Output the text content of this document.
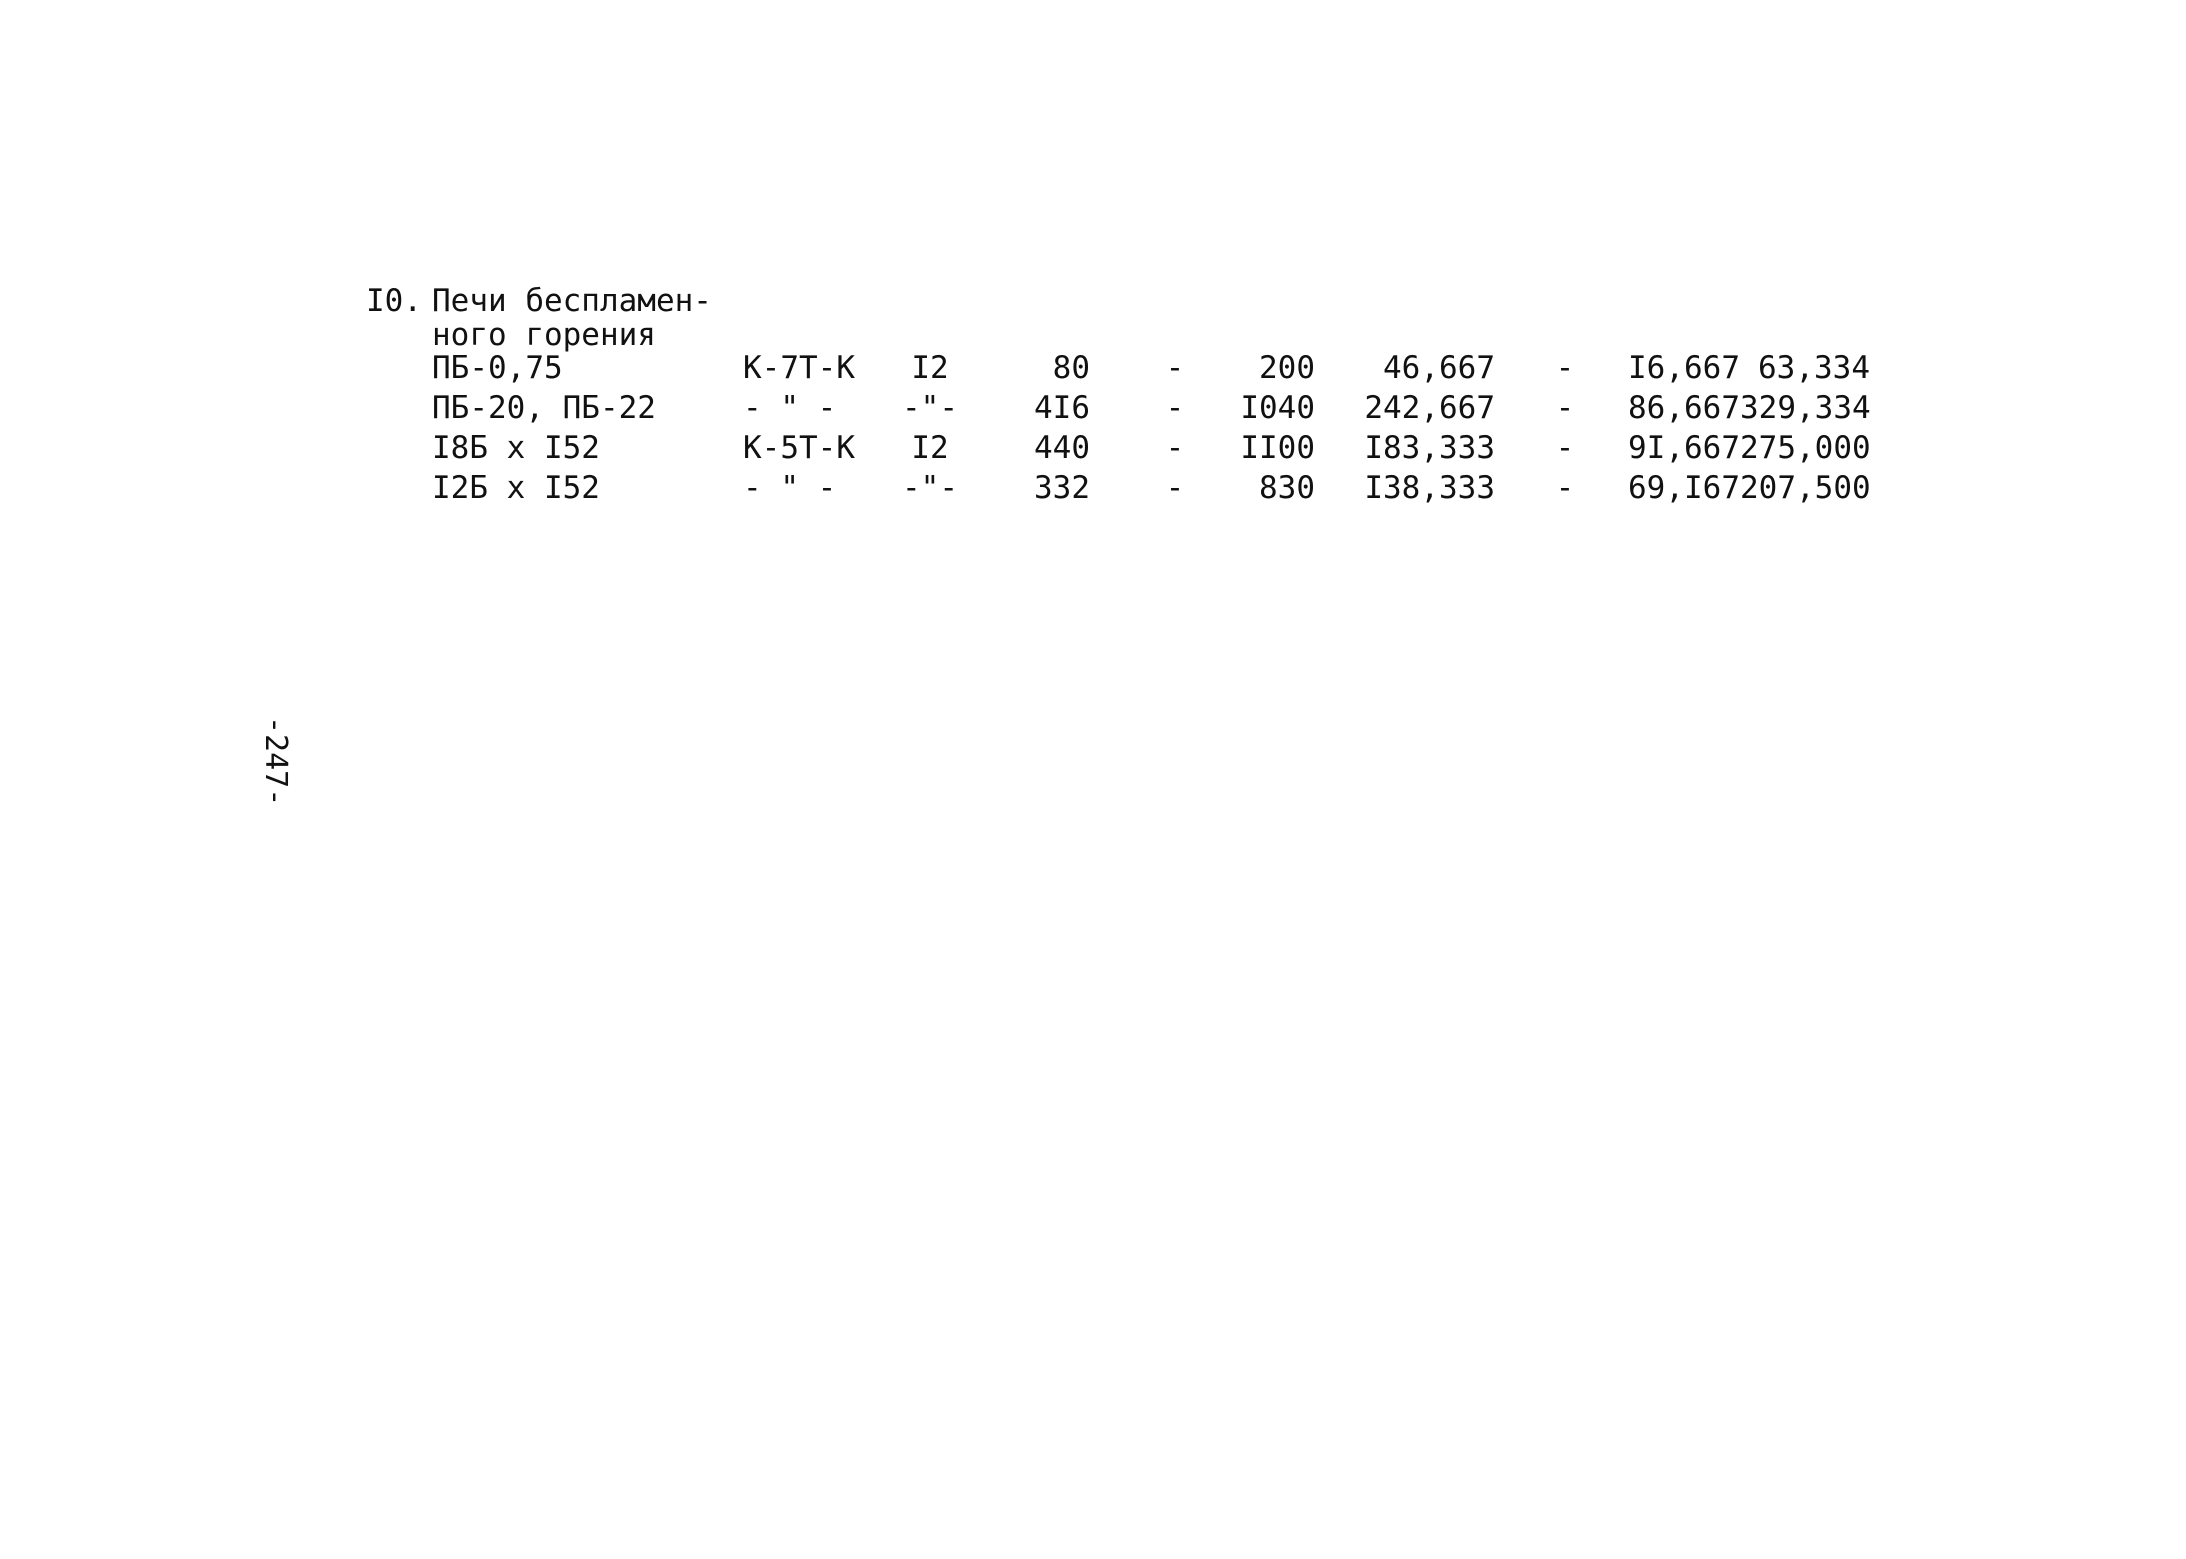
I0. Печи беспламен-
ного горения
ПБ-0,75	К-7Т-К	I2	80	-	200	46,667	-	I6,667 63,334
ПБ-20, ПБ-22	- " - -"-	4I6	-	I040 242,667	-	86,667 329,334
I8Б x I52	К-5Т-К	I2	440	-	II00 I83,333	-	9I,667 275,000
I2Б x I52	- " - -"-	332	-	830 I38,333	-	69,I67 207,500
-247-
